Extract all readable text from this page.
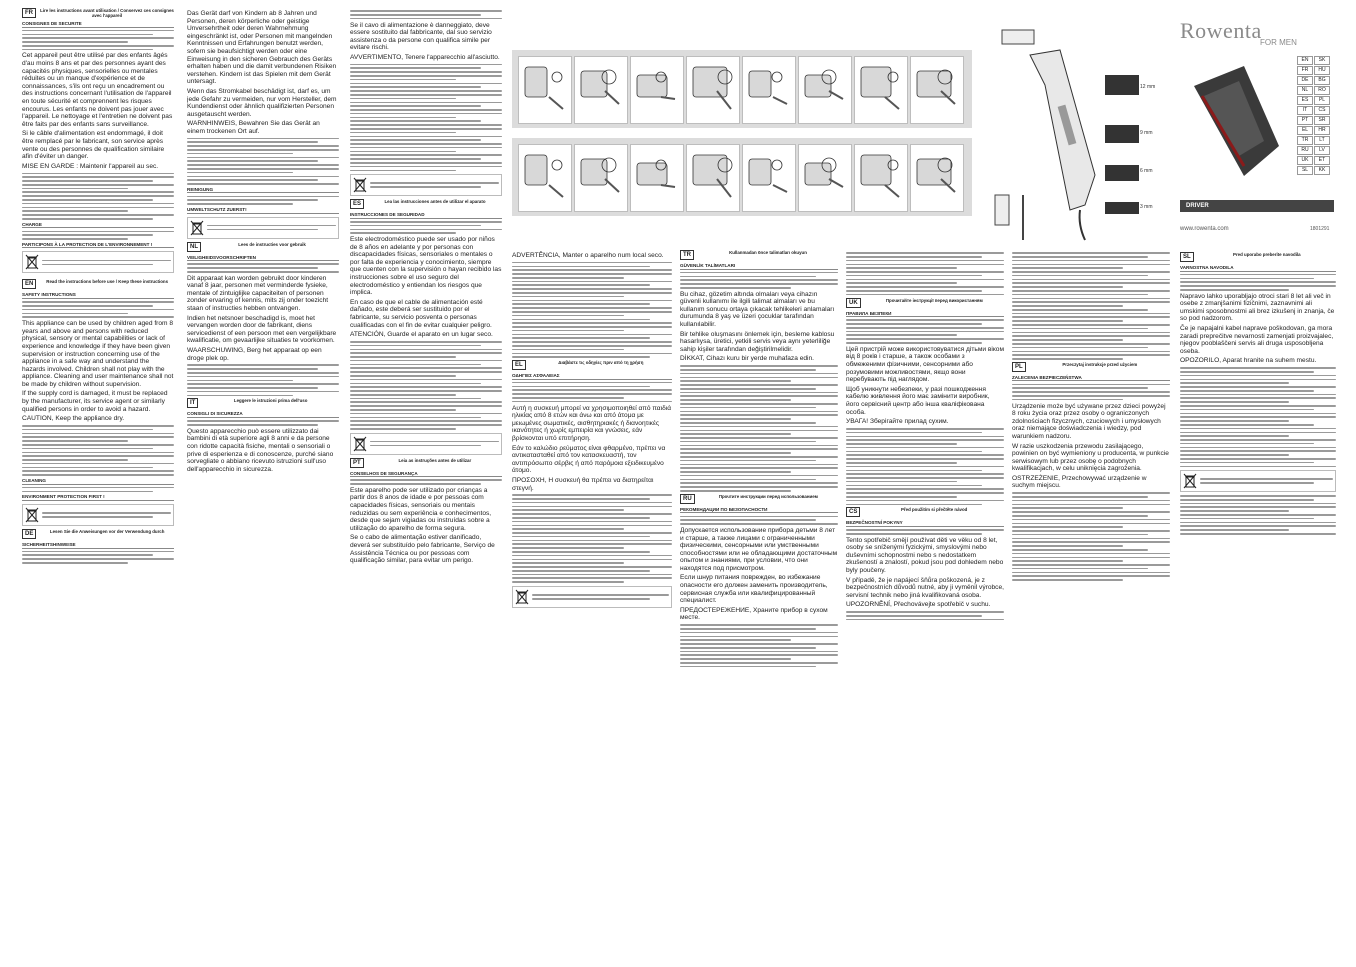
FR	Lire les instructions avant utilisation / Conservez ces consignes avec l'appareil
CONSIGNES DE SECURITE
Cet appareil peut être utilisé par des enfants âgés d'au moins 8 ans et par des personnes ayant des capacités physiques, sensorielles ou mentales réduites ou un manque d'expérience et de connaissances, s'ils ont reçu un encadrement ou des instructions concernant l'utilisation de l'appareil en toute sécurité et comprennent les risques encourus. Les enfants ne doivent pas jouer avec l'appareil. Le nettoyage et l'entretien ne doivent pas être faits par des enfants sans surveillance.
Si le câble d'alimentation est endommagé, il doit être remplacé par le fabricant, son service après vente ou des personnes de qualification similaire afin d'éviter un danger.
MISE EN GARDE : Maintenir l'appareil au sec.
CHARGE
PARTICIPONS À LA PROTECTION DE L'ENVIRONNEMENT !
EN	Read the instructions before use / Keep these instructions
SAFETY INSTRUCTIONS
This appliance can be used by children aged from 8 years and above and persons with reduced physical, sensory or mental capabilities or lack of experience and knowledge if they have been given supervision or instruction concerning use of the appliance in a safe way and understand the hazards involved. Children shall not play with the appliance. Cleaning and user maintenance shall not be made by children without supervision.
If the supply cord is damaged, it must be replaced by the manufacturer, its service agent or similarly qualified persons in order to avoid a hazard.
CAUTION, Keep the appliance dry.
CLEANING
ENVIRONMENT PROTECTION FIRST !
DE	Lesen Sie die Anweisungen vor der Verwendung durch
SICHERHEITSHINWEISE
Das Gerät darf von Kindern ab 8 Jahren und Personen, deren körperliche oder geistige Unversehrtheit oder deren Wahrnehmung eingeschränkt ist, oder Personen mit mangelnden Kenntnissen und Erfahrungen benutzt werden, sofern sie beaufsichtigt werden oder eine Einweisung in den sicheren Gebrauch des Geräts erhalten haben und die damit verbundenen Risiken verstehen. Kindern ist das Spielen mit dem Gerät untersagt.
Wenn das Stromkabel beschädigt ist, darf es, um jede Gefahr zu vermeiden, nur vom Hersteller, dem Kundendienst oder ähnlich qualifizierten Personen ausgetauscht werden.
WARNHINWEIS, Bewahren Sie das Gerät an einem trockenen Ort auf.
REINIGUNG
UMWELTSCHUTZ ZUERST!
NL	Lees de instructies voor gebruik
VEILIGHEIDSVOORSCHRIFTEN
Dit apparaat kan worden gebruikt door kinderen vanaf 8 jaar, personen met verminderde fysieke, mentale of zintuiglijke capaciteiten of personen zonder ervaring of kennis, mits zij onder toezicht staan of instructies hebben ontvangen.
Indien het netsnoer beschadigd is, moet het vervangen worden door de fabrikant, diens servicedienst of een persoon met een vergelijkbare kwalificatie, om gevaarlijke situaties te voorkomen.
WAARSCHUWING, Berg het apparaat op een droge plek op.
IT	Leggere le istruzioni prima dell'uso
CONSIGLI DI SICUREZZA
Questo apparecchio può essere utilizzato dai bambini di età superiore agli 8 anni e da persone con ridotte capacità fisiche, mentali o sensoriali o prive di esperienza e di conoscenze, purché siano sorvegliate o abbiano ricevuto istruzioni sull'uso dell'apparecchio in sicurezza.
Se il cavo di alimentazione è danneggiato, deve essere sostituito dal fabbricante, dal suo servizio assistenza o da persone con qualifica simile per evitare rischi.
AVVERTIMENTO, Tenere l'apparecchio all'asciutto.
ES	Lea las instrucciones antes de utilizar el aparato
INSTRUCCIONES DE SEGURIDAD
Este electrodoméstico puede ser usado por niños de 8 años en adelante y por personas con discapacidades físicas, sensoriales o mentales o por falta de experiencia y conocimiento, siempre que cuenten con la supervisión o hayan recibido las instrucciones sobre el uso seguro del electrodoméstico y entiendan los riesgos que implica.
En caso de que el cable de alimentación esté dañado, este deberá ser sustituido por el fabricante, su servicio posventa o personas cualificadas con el fin de evitar cualquier peligro.
ATENCIÓN, Guarde el aparato en un lugar seco.
PT	Leia as instruções antes de utilizar
CONSELHOS DE SEGURANÇA
Este aparelho pode ser utilizado por crianças a partir dos 8 anos de idade e por pessoas com capacidades físicas, sensoriais ou mentais reduzidas ou sem experiência e conhecimentos, desde que sejam vigiadas ou instruídas sobre a utilização do aparelho de forma segura.
Se o cabo de alimentação estiver danificado, deverá ser substituído pelo fabricante, Serviço de Assistência Técnica ou por pessoas com qualificação similar, para evitar um perigo.
ADVERTÊNCIA, Manter o aparelho num local seco.
EL	Διαβάστε τις οδηγίες πριν από τη χρήση
ΟΔΗΓΙΕΣ ΑΣΦΑΛΕΙΑΣ
Αυτή η συσκευή μπορεί να χρησιμοποιηθεί από παιδιά ηλικίας από 8 ετών και άνω και από άτομα με μειωμένες σωματικές, αισθητηριακές ή διανοητικές ικανότητες ή χωρίς εμπειρία και γνώσεις, εάν βρίσκονται υπό επιτήρηση.
Εάν το καλώδιο ρεύματος είναι φθαρμένο, πρέπει να αντικατασταθεί από τον κατασκευαστή, τον αντιπρόσωπο σέρβις ή από παρόμοια εξειδικευμένο άτομο.
ΠΡΟΣΟΧΗ, Η συσκευή θα πρέπει να διατηρείται στεγνή.
TR	Kullanmadan önce talimatları okuyun
GÜVENLİK TALİMATLARI
Bu cihaz, gözetim altında olmaları veya cihazın güvenli kullanımı ile ilgili talimat almaları ve bu kullanım sonucu ortaya çıkacak tehlikeleri anlamaları durumunda 8 yaş ve üzeri çocuklar tarafından kullanılabilir.
Bir tehlike oluşmasını önlemek için, besleme kablosu hasarlıysa, üretici, yetkili servis veya aynı yeterliliğe sahip kişiler tarafından değiştirilmelidir.
DİKKAT, Cihazı kuru bir yerde muhafaza edin.
RU	Прочтите инструкции перед использованием
РЕКОМЕНДАЦИИ ПО БЕЗОПАСНОСТИ
Допускается использование прибора детьми 8 лет и старше, а также лицами с ограниченными физическими, сенсорными или умственными способностями или не обладающими достаточным опытом и знаниями, при условии, что они находятся под присмотром.
Если шнур питания поврежден, во избежание опасности его должен заменить производитель, сервисная служба или квалифицированный специалист.
ПРЕДОСТЕРЕЖЕНИЕ, Храните прибор в сухом месте.
UK	Прочитайте інструкції перед використанням
ПРАВИЛА БЕЗПЕКИ
Цей пристрій може використовуватися дітьми віком від 8 років і старше, а також особами з обмеженими фізичними, сенсорними або розумовими можливостями, якщо вони перебувають під наглядом.
Щоб уникнути небезпеки, у разі пошкодження кабелю живлення його має замінити виробник, його сервісний центр або інша кваліфікована особа.
УВАГА! Зберігайте прилад сухим.
CS	Před použitím si přečtěte návod
BEZPEČNOSTNÍ POKYNY
Tento spotřebič smějí používat děti ve věku od 8 let, osoby se sníženými fyzickými, smyslovými nebo duševními schopnostmi nebo s nedostatkem zkušeností a znalostí, pokud jsou pod dohledem nebo byly poučeny.
V případě, že je napájecí šňůra poškozená, je z bezpečnostních důvodů nutné, aby ji vyměnil výrobce, servisní technik nebo jiná kvalifikovaná osoba.
UPOZORNĚNÍ, Přechovávejte spotřebič v suchu.
PL	Przeczytaj instrukcje przed użyciem
ZALECENIA BEZPIECZEŃSTWA
Urządzenie może być używane przez dzieci powyżej 8 roku życia oraz przez osoby o ograniczonych zdolnościach fizycznych, czuciowych i umysłowych oraz niemające doświadczenia i wiedzy, pod warunkiem nadzoru.
W razie uszkodzenia przewodu zasilającego, powinien on być wymieniony u producenta, w punkcie serwisowym lub przez osobę o podobnych kwalifikacjach, w celu uniknięcia zagrożenia.
OSTRZEŻENIE, Przechowywać urządzenie w suchym miejscu.
SL	Pred uporabo preberite navodila
VARNOSTNA NAVODILA
Napravo lahko uporabljajo otroci stari 8 let ali več in osebe z zmanjšanimi fizičnimi, zaznavnimi ali umskimi sposobnostmi ali brez izkušenj in znanja, če so pod nadzorom.
Če je napajalni kabel naprave poškodovan, ga mora zaradi preprečitve nevarnosti zamenjati proizvajalec, njegov pooblaščeni servis ali druga usposobljena oseba.
OPOZORILO, Aparat hranite na suhem mestu.
12 mm
9 mm
6 mm
3 mm
Rowenta
FOR MEN
EN	SK
FR	HU
DE	BG
NL	RO
ES	PL
IT	CS
PT	SR
EL	HR
TR	LT
RU	LV
UK	ET
SL	KK
DRIVER
www.rowenta.com	1801291
